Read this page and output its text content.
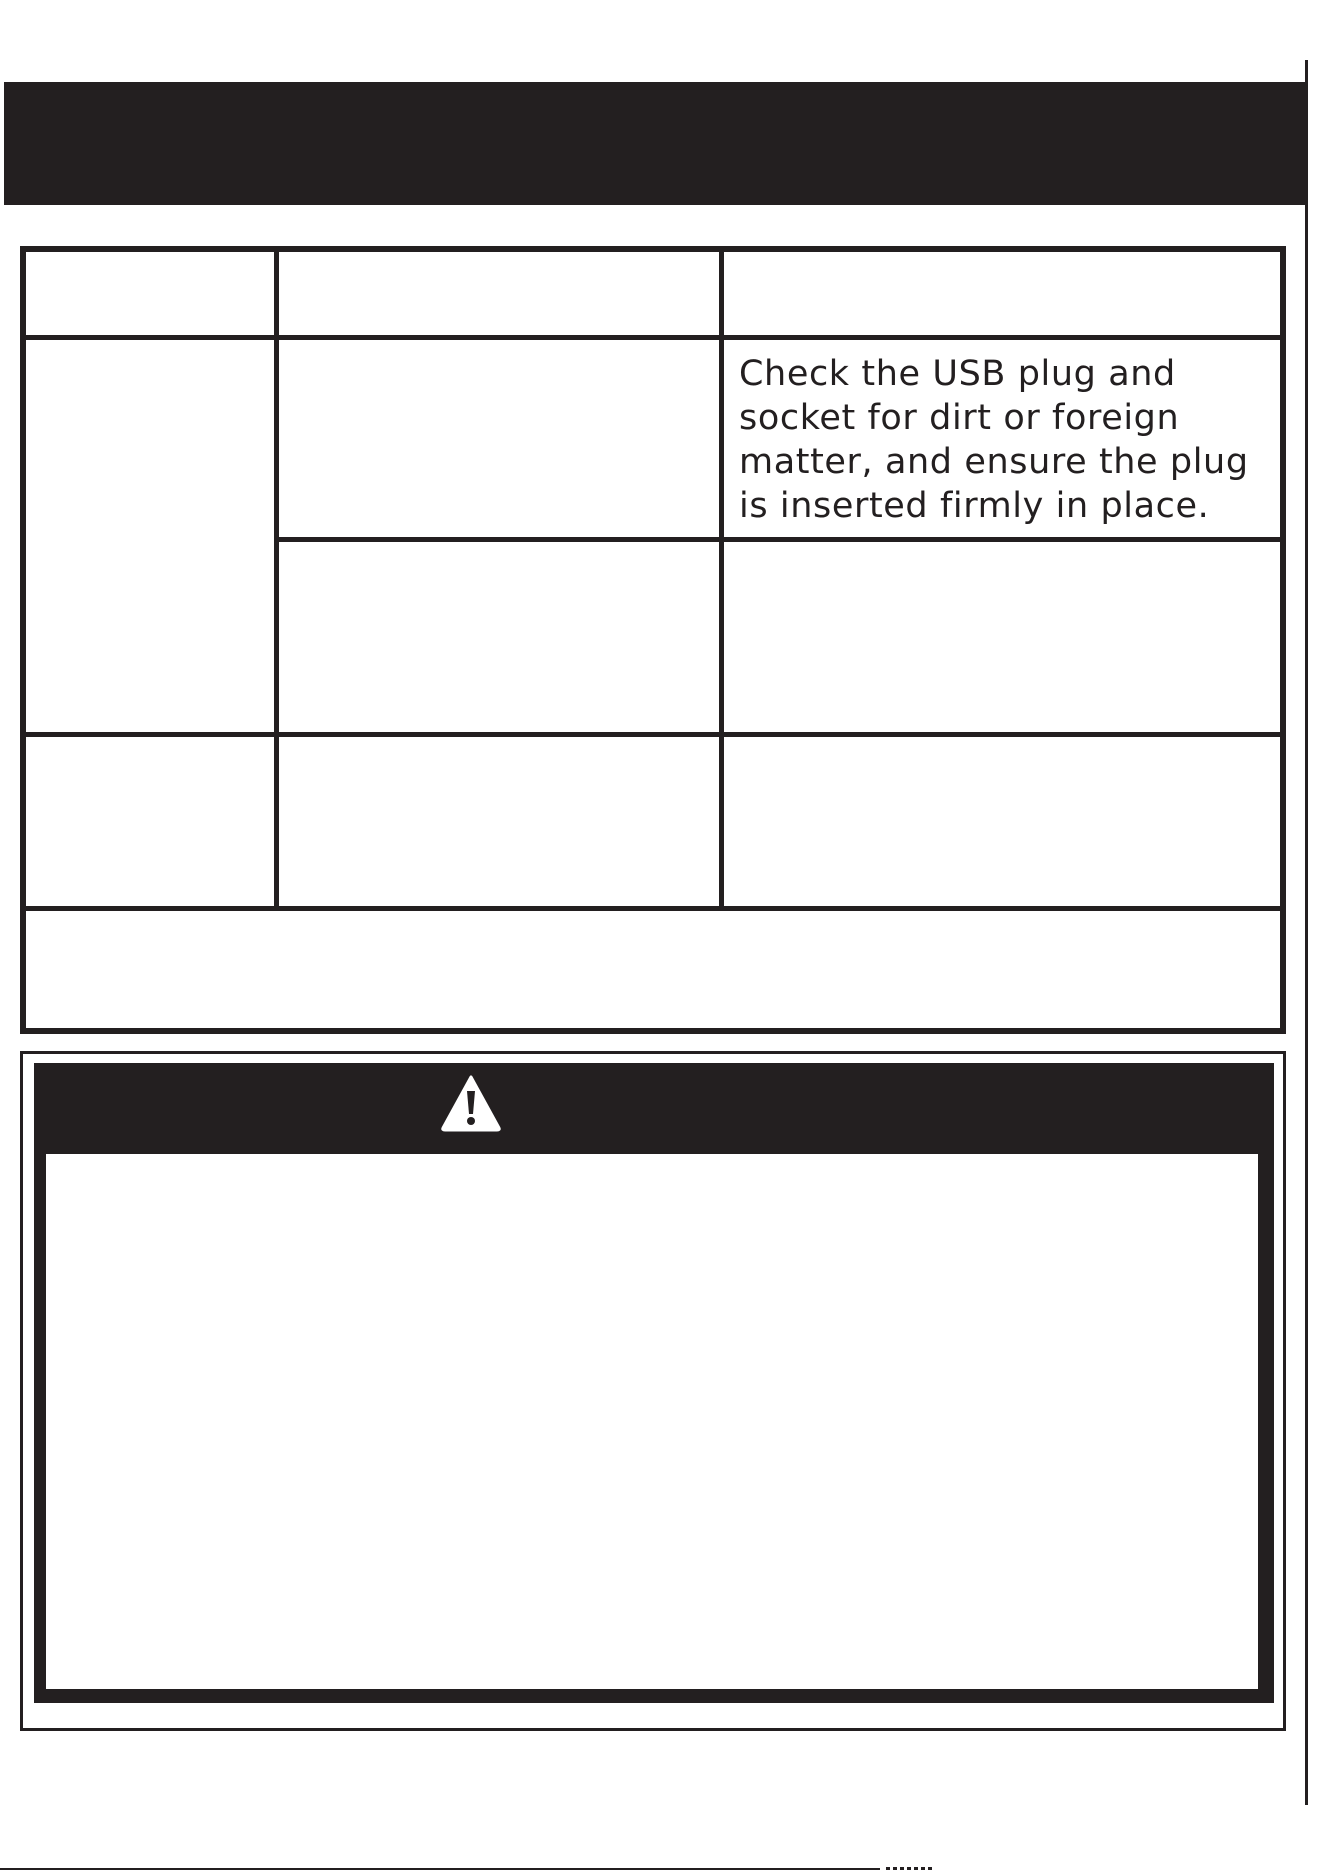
Check the USB plug and socket for dirt or foreign matter, and ensure the plug is inserted firmly in place.
